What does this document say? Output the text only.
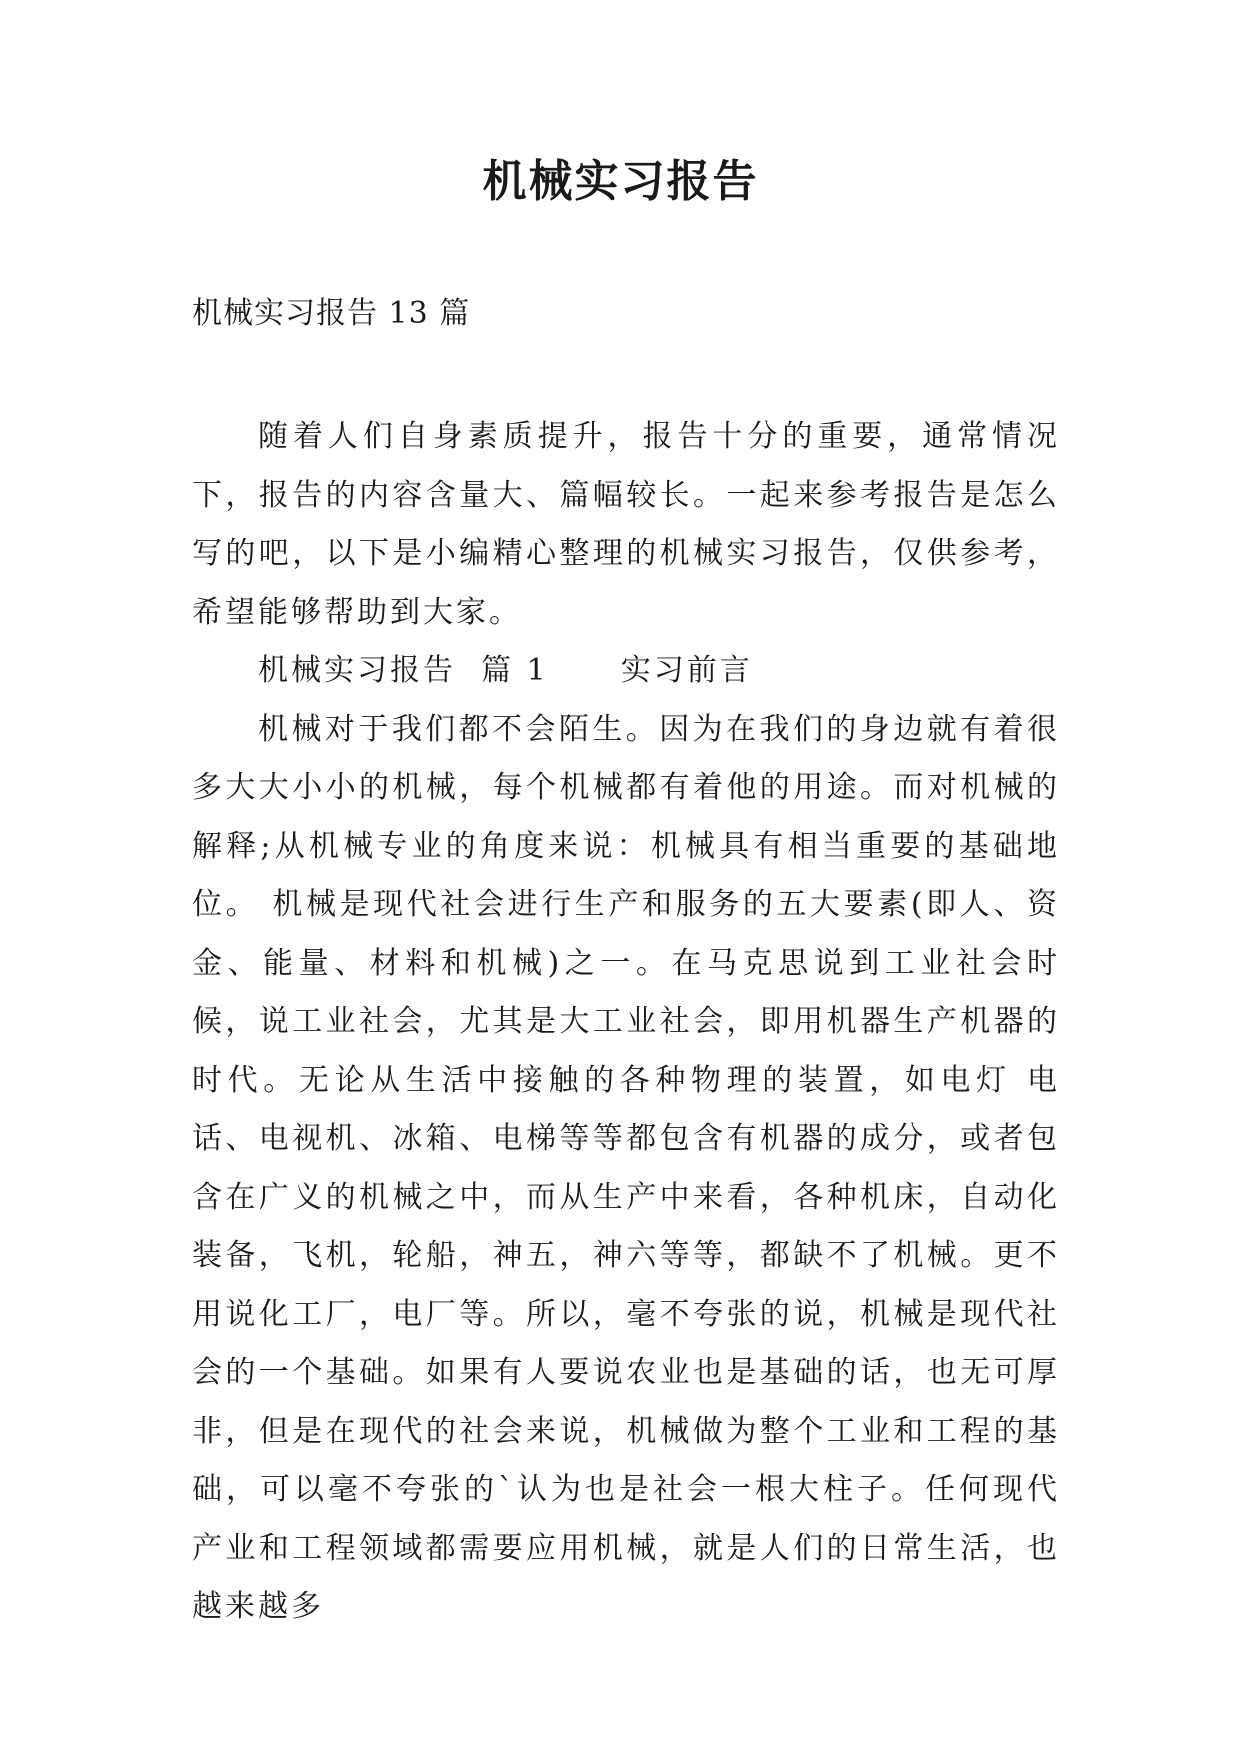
机械实习报告

机械实习报告 13 篇

随着人们自身素质提升，报告十分的重要，通常情况下，报告的内容含量大、篇幅较长。一起来参考报告是怎么写的吧，以下是小编精心整理的机械实习报告，仅供参考，希望能够帮助到大家。

机械实习报告  篇 1 实习前言

机械对于我们都不会陌生。因为在我们的身边就有着很多大大小小的机械，每个机械都有着他的用途。而对机械的解释;从机械专业的角度来说：机械具有相当重要的基础地位。 机械是现代社会进行生产和服务的五大要素(即人、资金、能量、材料和机械)之一。在马克思说到工业社会时候，说工业社会，尤其是大工业社会，即用机器生产机器的时代。无论从生活中接触的各种物理的装置，如电灯 电话、电视机、冰箱、电梯等等都包含有机器的成分，或者包含在广义的机械之中，而从生产中来看，各种机床，自动化装备，飞机，轮船，神五，神六等等，都缺不了机械。更不用说化工厂，电厂等。所以，毫不夸张的说，机械是现代社会的一个基础。如果有人要说农业也是基础的话，也无可厚非，但是在现代的社会来说，机械做为整个工业和工程的基础，可以毫不夸张的`认为也是社会一根大柱子。任何现代产业和工程领域都需要应用机械，就是人们的日常生活，也越来越多
